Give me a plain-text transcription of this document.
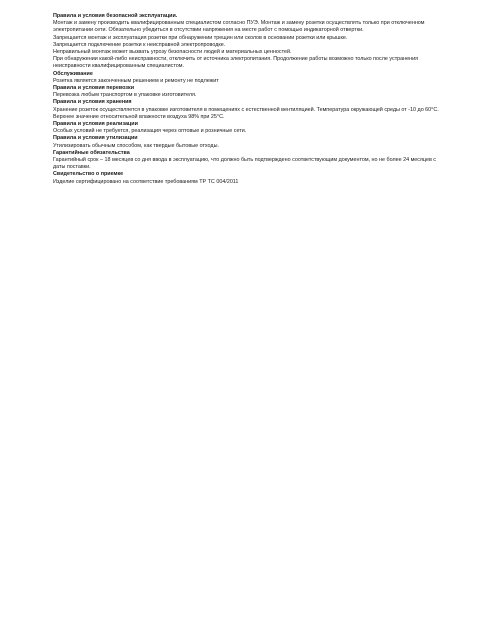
Правила и условия безопасной эксплуатации.
Монтаж и замену производить квалифицированным специалистом согласно ПУЭ. Монтаж и замену розетки осуществлять только при отключенном электропитании сети. Обязательно убедиться в отсутствии напряжения на месте работ с помощью индикаторной отвертки.
Запрещается монтаж и эксплуатация розетки при обнаружении трещин или сколов в основании розетки или крышке.
Запрещается подключение розетки к неисправной электропроводке.
Неправильный монтаж может вызвать угрозу безопасности людей и материальных ценностей.
При обнаружении какой-либо неисправности, отключить от источника электропитания. Продолжение работы возможно только после устранения неисправности квалифицированным специалистом.
Обслуживание
Розетка является законченным решением и ремонту не подлежит
Правила и условия перевозки
Перевозка любым транспортом в упаковке изготовителя.
Правила и условия хранения
Хранение розеток осуществляется в упаковке изготовителя в помещениях с естественной вентиляцией. Температура окружающей среды от -10 до 60°С. Верхнее значение относительной влажности воздуха 98% при 25°С.
Правила и условия реализации
Особых условий не требуется, реализация через оптовые и розничные сети.
Правила и условия утилизации
Утилизировать обычным способом, как твердые бытовые отходы.
Гарантийные обязательства
Гарантийный срок – 18 месяцев со дня ввода в эксплуатацию, что должно быть подтверждено соответствующим документом, но не более 24 месяцев с даты поставки.
Свидетельство о приемке
Изделие сертифицировано на соответствие требованиям ТР ТС 004/2011
